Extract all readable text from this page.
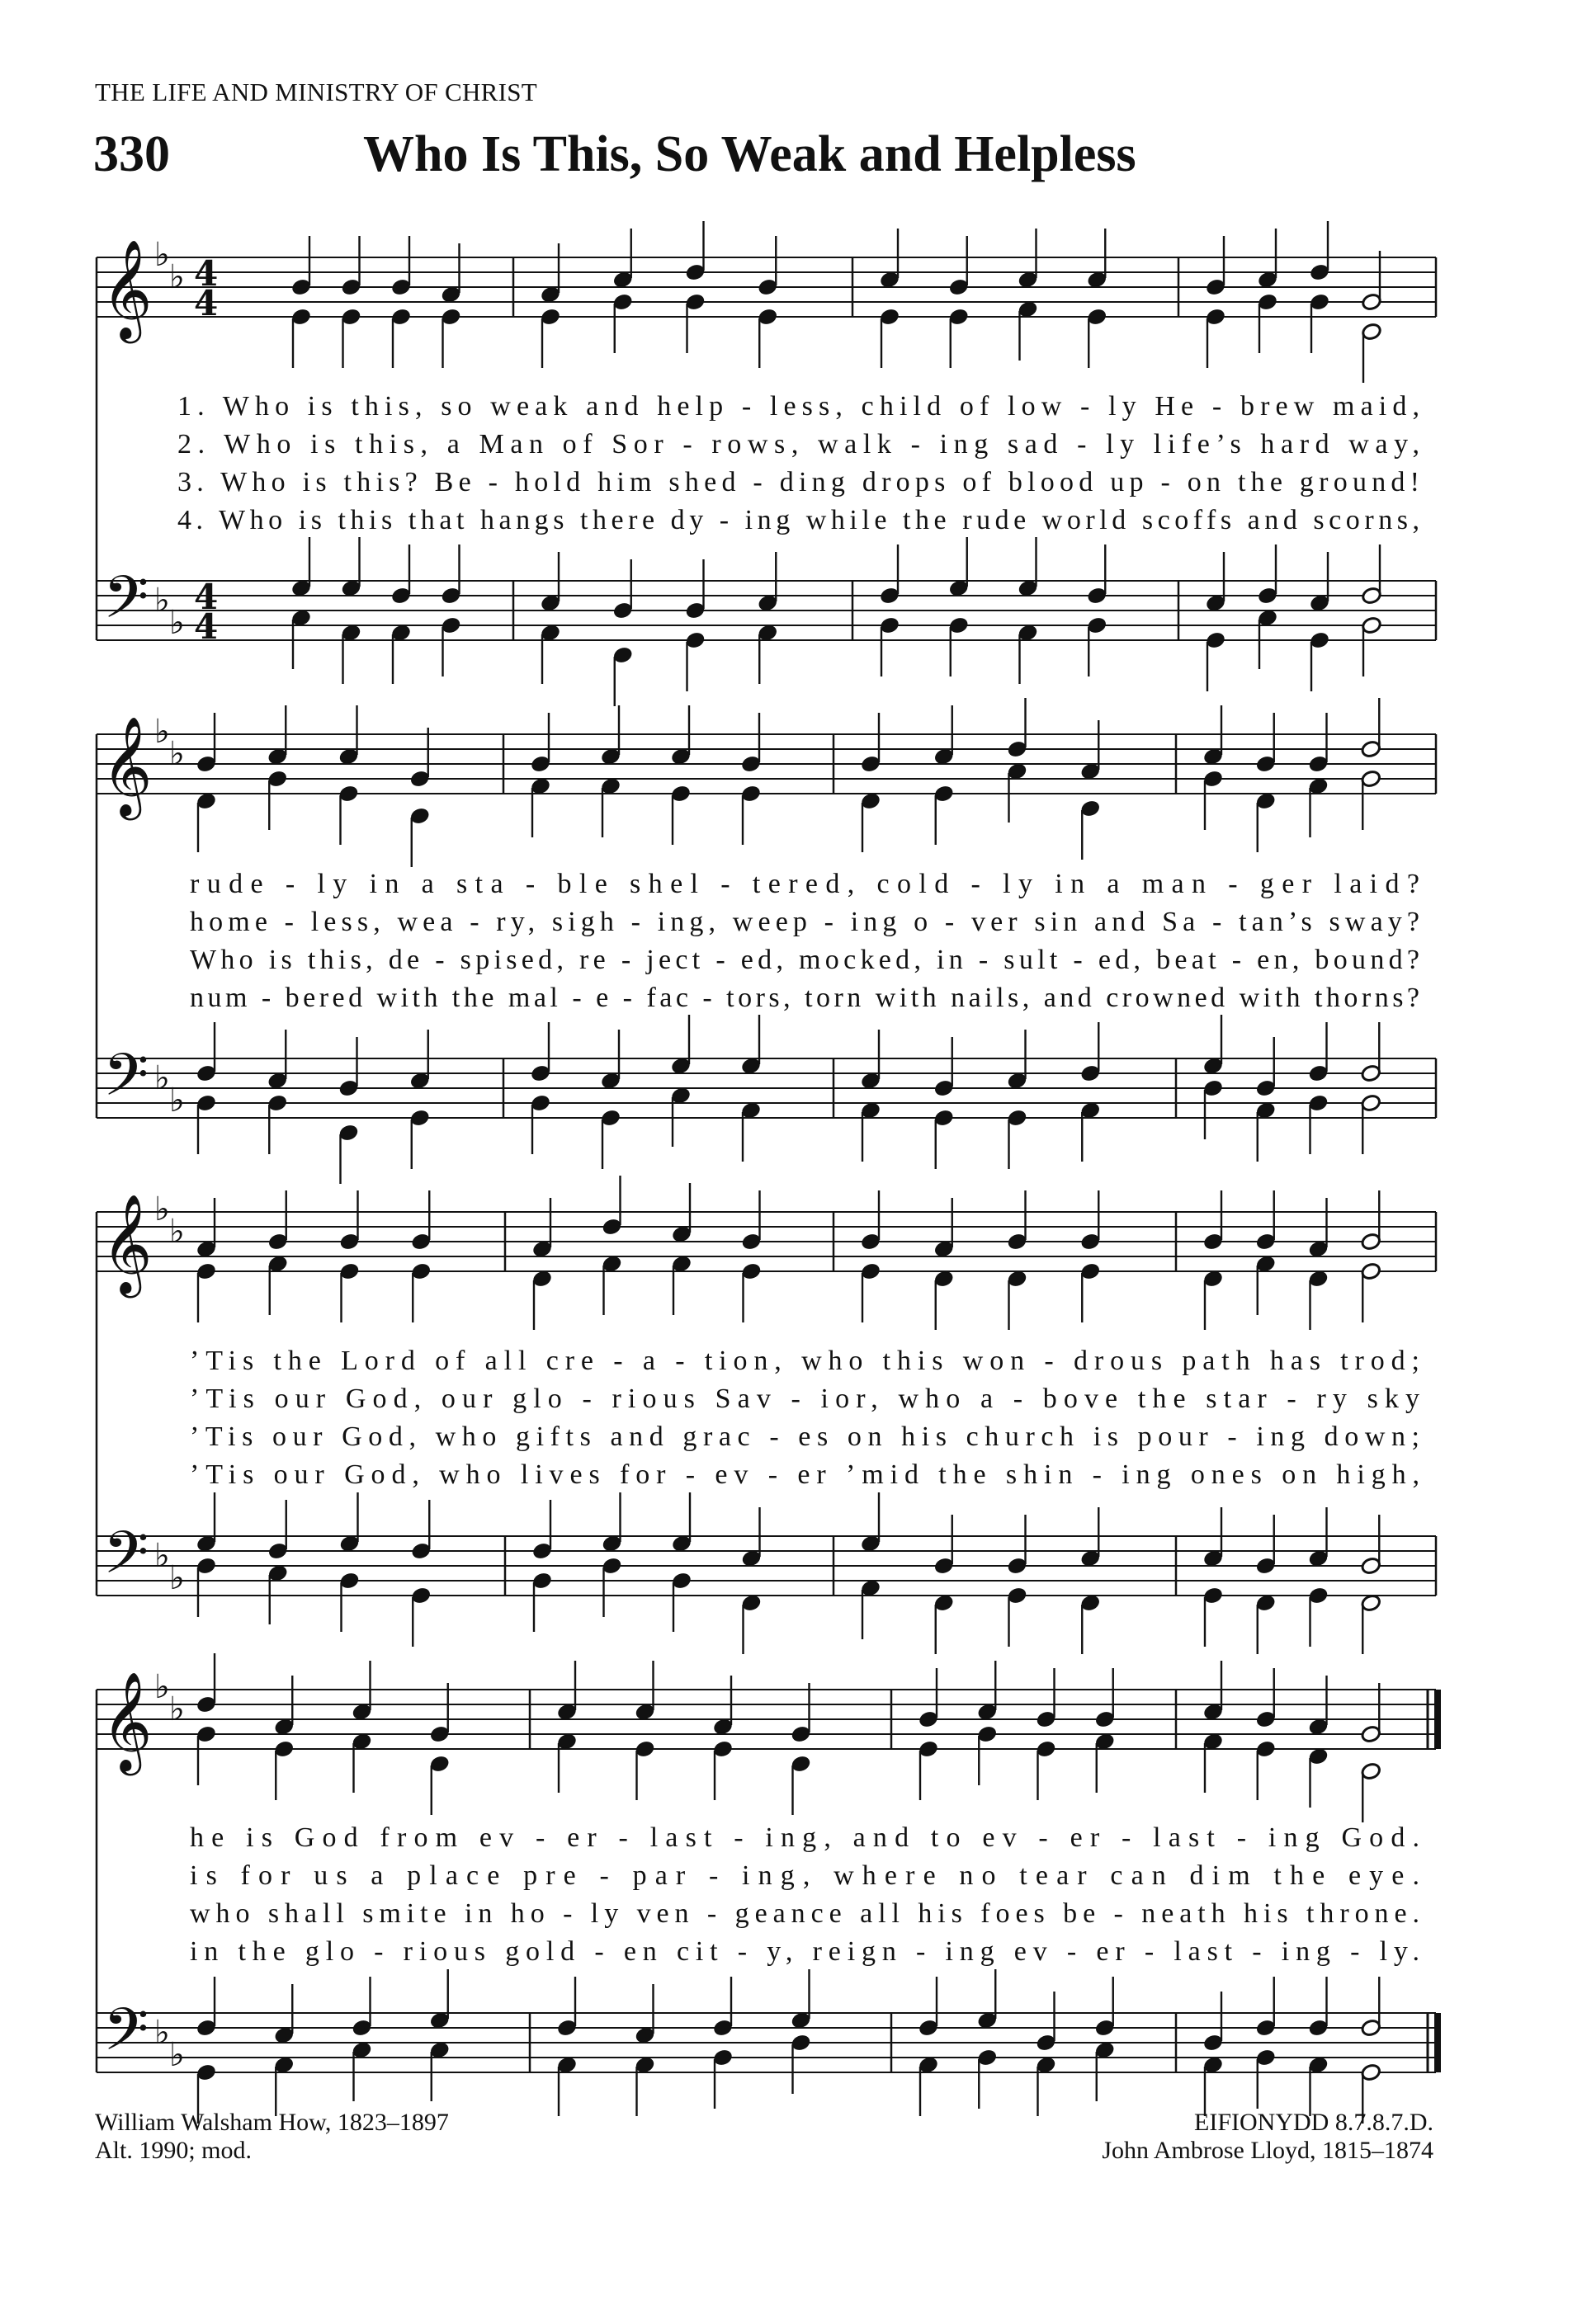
THE LIFE AND MINISTRY OF CHRIST
330	Who Is This, So Weak and Helpless
𝄞 ♭
♭
𝄢 ♭
♭
4
4
4
4
1. Who is this, so weak and help - less, child of low - ly He - brew maid,
2. Who is this, a Man of Sor - rows, walk - ing sad - ly life’s hard way,
3. Who is this? Be - hold him shed - ding drops of blood up - on the ground!
4. Who is this that hangs there dy - ing while the rude world scoffs and scorns,
𝄞 ♭
♭
𝄢 ♭
♭
rude - ly in a sta - ble shel - tered, cold - ly in a man - ger laid?
home - less, wea - ry, sigh - ing, weep - ing o - ver sin and Sa - tan’s sway?
Who is this, de - spised, re - ject - ed, mocked, in - sult - ed, beat - en, bound?
num - bered with the mal - e - fac - tors, torn with nails, and crowned with thorns?
𝄞 ♭
♭
𝄢 ♭
♭
’Tis the Lord of all cre - a - tion, who this won - drous path has trod;
’Tis our God, our glo - rious Sav - ior, who a - bove the star - ry sky
’Tis our God, who gifts and grac - es on his church is pour - ing down;
’Tis our God, who lives for - ev - er ’mid the shin - ing ones on high,
𝄞 ♭
♭
𝄢 ♭
♭
he is God from ev - er - last - ing, and to ev - er - last - ing God.
is for us a place pre - par - ing, where no tear can dim the eye.
who shall smite in ho - ly ven - geance all his foes be - neath his throne.
in the glo - rious gold - en cit - y, reign - ing ev - er - last - ing - ly.
William Walsham How, 1823–1897
Alt. 1990; mod.
EIFIONYDD 8.7.8.7.D.
John Ambrose Lloyd, 1815–1874
